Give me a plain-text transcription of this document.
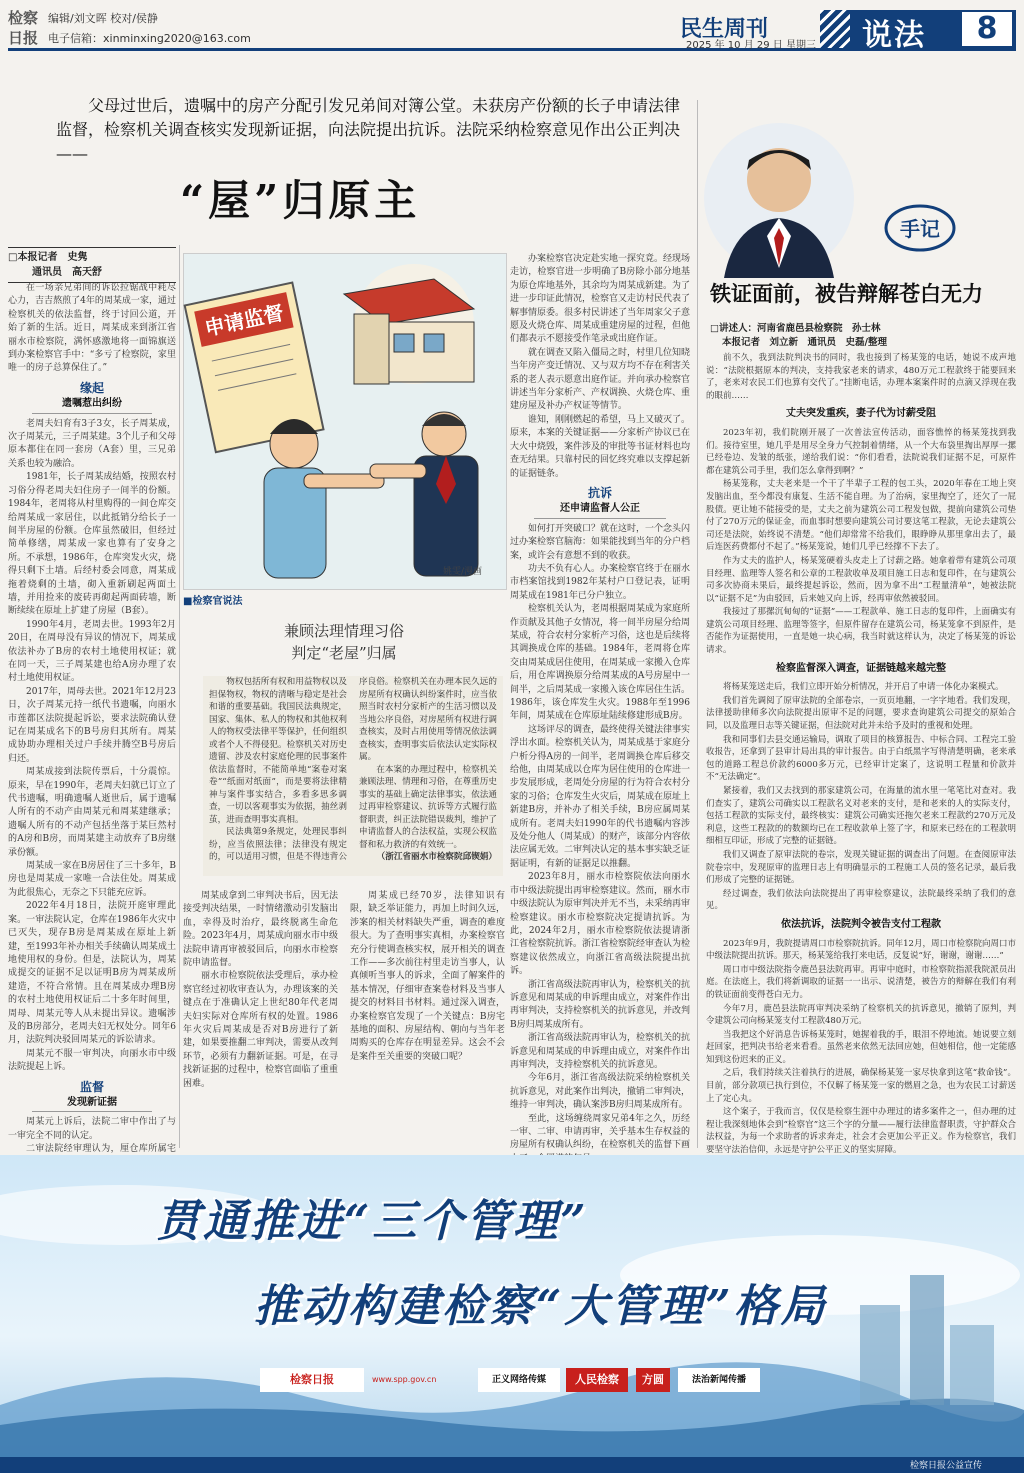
检察日报
编辑/刘文晖 校对/侯静
电子信箱：xinminxing2020@163.com	民生周刊
2025 年 10 月 29 日 星期三 说法	8
父母过世后，遗嘱中的房产分配引发兄弟间对簿公堂。未获房产份额的长子申请法律监督，检察机关调查核实发现新证据，向法院提出抗诉。法院采纳检察意见作出公正判决——
“屋”归原主
□本报记者　史隽
通讯员　高天舒

在一场亲兄弟间的诉讼拉锯战中耗尽心力，吉吉熬煎了4年的周某成一家，通过检察机关的依法监督，终于讨回公道，开始了新的生活。近日，周某成来到浙江省丽水市检察院，满怀感激地将一面锦旗送到办案检察官手中：“多亏了检察院，家里唯一的房子总算保住了。”

缘起
遗嘱惹出纠纷

老周夫妇育有3子3女，长子周某成，次子周某元，三子周某建。3个儿子和父母原本都住在同一套房（A套）里，三兄弟关系也较为融洽。

1981年，长子周某成结婚，按照农村习俗分得老周夫妇住房子一间半的份额。1984年，老周将从村里购得的一间仓库交给周某成一家居住，以此抵销分给长子一间半房屋的份额。仓库虽然破旧，但经过简单修缮，周某成一家也算有了安身之所。不承想，1986年，仓库突发火灾，烧得只剩下土墙。后经村委会同意，周某成拖着烧剩的土墙，砌入重新刷起两面土墙，并用捡来的废砖再砌起两面砖墙，断断续续在原址上扩建了房屋（B套）。

1990年4月，老周去世。1993年2月20日，在周母没有异议的情况下，周某成依法补办了B房的农村土地使用权证；就在同一天，三子周某建也给A房办理了农村土地使用权证。

2017年，周母去世。2021年12月23日，次子周某元持一纸代书遗嘱，向丽水市莲都区法院提起诉讼，要求法院确认登记在周某成名下的B号房归其所有。周某成协助办理相关过户手续并腾空B号房后归还。

周某成接到法院传票后，十分震惊。原来，早在1990年，老周夫妇就已订立了代书遗嘱，明确遗嘱人逝世后，属于遗嘱人所有的不动产由周某元和周某建继承；遗嘱人所有的不动产包括坐落于某巨然村的A房和B房，而周某建主动放弃了B房继承份额。

周某成一家在B房居住了三十多年，B房也是周某成一家唯一合法住处。周某成为此很焦心，无奈之下只能充应诉。

2022年4月18日，法院开庭审理此案。一审法院认定，仓库在1986年火灾中已灭失，现存B房是周某成在原址上新建，至1993年补办相关手续确认周某成土地使用权的身份。但是，法院认为，周某成提交的证据不足以证明B房为周某成所建造，不符合常情。且在周某成办理B房的农村土地使用权证后二十多年时间里，周母、周某元等人从未提出异议。遗嘱涉及的B房部分，老周夫妇无权处分。同年6月，法院判决驳回周某元的诉讼请求。

周某元不服一审判决，向丽水市中级法院提起上诉。

监督
发现新证据

周某元上诉后，法院二审中作出了与一审完全不同的认定。

二审法院经审理认为，厘仓库所属宅

申请监督
姚雯/漫画
■检察官说法
兼顾法理情理习俗
判定“老屋”归属

物权包括所有权和用益物权以及担保物权，物权的清晰与稳定是社会和谐的重要基础。我国民法典规定，国家、集体、私人的物权和其他权利人的物权受法律平等保护，任何组织或者个人不得侵犯。检察机关对历史遗留、涉及农村家庭伦理的民事案件依法监督时，不能简单地“案卷对案卷”“纸面对纸面”，而是要将法律精神与案件事实结合，多看多思多调查，一切以客观事实为依据，抽丝剥茧，进而查明事实真相。

民法典第9条规定，处理民事纠纷，应当依照法律；法律没有规定的，可以适用习惯，但是不得违背公序良俗。检察机关在办理本民久远的房屋所有权确认纠纷案件时，应当依照当时农村分家析产的生活习惯以及当地公序良俗，对房屋所有权进行调查核实，及时占用使用等情况依法调查核实，查明事实后依法认定实际权属。

在本案的办理过程中，检察机关兼顾法理、情理和习俗，在尊重历史事实的基础上确定法律事实，依法通过再审检察建议、抗诉等方式履行监督职责，纠正法院错误裁判，维护了申请监督人的合法权益，实现公权监督和私力救济的有效统一。

（浙江省丽水市检察院邱锲娟）

周某成拿到二审判决书后，因无法接受判决结果，一时情绪激动引发脑出血，幸得及时治疗，最终脱离生命危险。2023年4月，周某成向丽水市中级法院申请再审被驳回后，向丽水市检察院申请监督。

丽水市检察院依法受理后，承办检察官经过初收审查认为，办理该案的关键点在于准确认定上世纪80年代老周夫妇实际对仓库所有权的处置。1986年火灾后周某成是否对B房进行了新建，如果要推翻二审判决，需要从改判环节，必须有力翻新证据。可是，在寻找新证据的过程中，检察官面临了重重困难。

周某成已经70岁，法律知识有限，缺乏举证能力，再加上时间久远，涉案的相关材料缺失严重，调查的难度很大。为了查明事实真相，办案检察官充分行使调查核实权，展开相关的调查工作——多次前往村里走访当事人，认真倾听当事人的诉求，全面了解案件的基本情况，仔细审查案卷材料及当事人提交的材料目书材料。通过深入调查，办案检察官发现了一个关键点：B房宅基地的面积、房屋结构、朝向与当年老周购买的仓库存在明显差异。这会不会是案件至关重要的突破口呢？

办案检察官决定赴实地一探究竟。经现场走访，检察官进一步明确了B房除小部分地基为原仓库地基外，其余均为周某成新建。为了进一步印证此情况，检察官又走访村民代表了解事情原委。很多村民讲述了当年周家父子意愿及火烧仓库、周某成重建房屋的过程，但他们都表示不愿接受作笔录或出庭作证。

就在调查又陷入僵局之时，村里几位知晓当年房产变迁情况、又与双方均不存在利害关系的老人表示愿意出庭作证。并向承办检察官讲述当年分家析产、产权调换、火烧仓库、重建房屋及补办产权证等情节。

谁知，刚刚燃起的希望，马上又破灭了。原来，本案的关键证据——分家析产协议已在大火中烧毁，案件涉及的审批等书证材料也均查无结果。只靠村民的回忆终究难以支撑起新的证据链条。

抗诉
还申请监督人公正

如何打开突破口？就在这时，一个念头闪过办案检察官脑海：如果能找到当年的分户档案，或许会有意想不到的收获。

功夫不负有心人。办案检察官终于在丽水市档案馆找到1982年某村户口登记表，证明周某成在1981年已分户独立。

检察机关认为，老周根据周某成为家庭所作贡献及其他子女情况，将一间半房屋分给周某成，符合农村分家析产习俗，这也是后续将其调换成仓库的基础。1984年，老周将仓库交由周某成居住使用，在周某成一家搬入仓库后，用仓库调换原分给周某成的A号房屋中一间半，之后周某成一家搬入该仓库居住生活。1986年，该仓库发生火灾。1988年至1996年间，周某成在仓库原址陆续修建形成B房。

这场评尽的调查，最终使得关键法律事实浮出水面。检察机关认为，周某成基于家庭分户析分得A房的一间半，老周调换仓库后移交给他，由周某成以仓库为居住使用的仓库进一步发展形成，老周处分房屋的行为符合农村分家的习俗；仓库发生火灾后，周某成在原址上新建B房，并补办了相关手续，B房应属周某成所有。老周夫妇1990年的代书遗嘱内容涉及处分他人（周某成）的财产，该部分内容依法应属无效。二审判决认定的基本事实缺乏证据证明，有新的证据足以推翻。

2023年8月，丽水市检察院依法向丽水市中级法院提出再审检察建议。然而，丽水市中级法院认为原审判决并无不当，未采纳再审检察建议。丽水市检察院决定提请抗诉。为此，2024年2月，丽水市检察院依法提请浙江省检察院抗诉。浙江省检察院经审查认为检察建议依然成立，向浙江省高级法院提出抗诉。

浙江省高级法院再审认为，检察机关的抗诉意见和周某成的申诉理由成立，对案件作出再审判决，支持检察机关的抗诉意见，并改判B房归周某成所有。

浙江省高级法院再审认为，检察机关的抗诉意见和周某成的申诉理由成立，对案件作出再审判决，支持检察机关的抗诉意见。

今年6月，浙江省高级法院采纳检察机关抗诉意见，对此案作出判决，撤销二审判决，维持一审判决，确认案涉B房归周某成所有。

至此，这场缠绕周家兄弟4年之久，历经一审、二审、申请再审，关乎基本生存权益的房屋所有权确认纠纷，在检察机关的监督下画

手记
铁证面前，被告辩解苍白无力
□讲述人：河南省鹿邑县检察院　孙士林
本报记者　刘立新　通讯员　史磊/整理

前不久，我到法院判决书的同时，我也接到了杨某笼的电话，她说不成声地说：“法院根据原本的判决，支持我家老来的请求，480万元工程款终于能要回来了，老来对农民工们也算有交代了。”挂断电话，办理本案案件时的点滴又浮现在我的眼前……

丈夫突发重疾，妻子代为讨薪受阻

2023年初，我们院刚开展了一次普法宣传活动，面容憔悴的杨某笼找到我们。接待室里，她几乎是用尽全身力气控制着情绪，从一个大布袋里掏出厚厚一摞已经卷边、发皱的纸张，递给我们说：“你们看看，法院说我们证据不足，可原件都在建筑公司手里，我们怎么拿得到啊？”

杨某笼称，丈夫老来是一个干了半辈子工程的包工头，2020年春在工地上突发脑出血，至今都没有康复、生活不能自理。为了治病，家里掏空了，还欠了一屁股债。更让她不能接受的是，丈夫之前为建筑公司工程发包做，提前向建筑公司垫付了270万元的保证金，而血事时想要向建筑公司讨要这笔工程款，无论去建筑公司还是法院，始终说不清楚。“他们却常常不给我们，眼睁睁从那里拿出去了，最后连医药费都付不起了。”杨某笼说，她们几乎已经撑不下去了。

作为丈夫的监护人，杨某笼硬着头皮走上了讨薪之路。她拿着带有建筑公司项目经理、监理等人签名和公章的工程款收单及项目施工日志和复印件，在与建筑公司多次协商未果后，最终提起诉讼，然而，因为拿不出“工程量清单”，她被法院以“证据不足”为由驳回，后来她又向上诉，经再审依然被驳回。

我接过了那摞沉甸甸的“证据”——工程款单、施工日志的复印件，上面确实有建筑公司项目经理、监理等签字，但原件留存在建筑公司，杨某笼拿不到原件，是否能作为证据使用，一直是她一块心病，我当时就这样认为，决定了杨某笼的诉讼请求。

检察监督深入调查，证据链越来越完整

将杨某笼送走后，我们立即开始分析情况，并开启了申请一体化办案模式。

我们首先调阅了原审法院的全部卷宗，一页页地翻，一字字地看。我们发现，法律援助律师多次向法院提出原审不足的问题，要求查询建筑公司提交的原始合同，以及监理日志等关键证据，但法院对此并未给予及时的重视和处理。

我和同事们去县交通运输局，调取了项目的核算报告、中标合同、工程完工验收报告，还拿到了县审计局出具的审计报告。由于白纸黑字写得清楚明确，老来承包的道路工程总价款约6000多万元，已经审计定案了，这说明工程量和价款并不“无法确定”。

紧接着，我们又去找到的那家建筑公司，在海量的流水里一笔笔比对查对。我们查实了，建筑公司确实以工程款名义对老来的支付，是和老来的人的实际支付，包括工程款的实际支付，最终核实：建筑公司确实还拖欠老来工程款约270万元及利息，这些工程款的的数额均已在工程收款单上签了字，和原来已经在的工程款明细相互印证，形成了完整的证据链。

我们又调查了原审法院的卷宗，发现关键证据的调查出了问题。在查阅原审法院卷宗中，发现原审的监理日志上有明确显示的工程施工人员的签名记录，最后我们形成了完整的证据链。

经过调查，我们依法向法院提出了再审检察建议，法院最终采纳了我们的意见。

依法抗诉，法院判令被告支付工程款

2023年9月，我院提请周口市检察院抗诉。同年12月，周口市检察院向周口市中级法院提出抗诉。那天，杨某笼给我打来电话，反复说“好，谢谢，谢谢……”

周口市中级法院指令鹿邑县法院再审。再审中庭时，市检察院指派我院派员出庭。在法庭上，我们将新调取的证据一一出示、说清楚，被告方的辩解在我们有利的铁证面前变得苍白无力。

今年7月，鹿邑县法院再审判决采纳了检察机关的抗诉意见，撤销了原判，判令建筑公司向杨某笼支付工程款480万元。

当我把这个好消息告诉杨某笼时，她握着我的手，眼泪不停地流。她说要立刻赶回家，把判决书给老来看看。虽然老来依然无法回应她，但她相信，他一定能感知到这份迟来的正义。

之后，我们持续关注着执行的进展，确保杨某笼一家尽快拿到这笔“救命钱”。目前，部分款项已执行到位，不仅解了杨某笼一家的燃眉之急，也为农民工讨薪送上了定心丸。

这个案子，于我而言，仅仅是检察生涯中办理过的诸多案件之一，但办理的过程让我深刻地体会到“检察官”这三个字的分量——履行法律监督职责，守护群众合法权益，为每一个求助者的诉求奔走，社会才会更加公平正义。作为检察官，我们要坚守法治信仰，永远是守护公平正义的坚实屏障。

贯通推进“三个管理”
推动构建检察“大管理”格局
检察日报	www.spp.gov.cn	正义网络传媒	人民检察	方圆	法治新闻传播
检察日报公益宣传
